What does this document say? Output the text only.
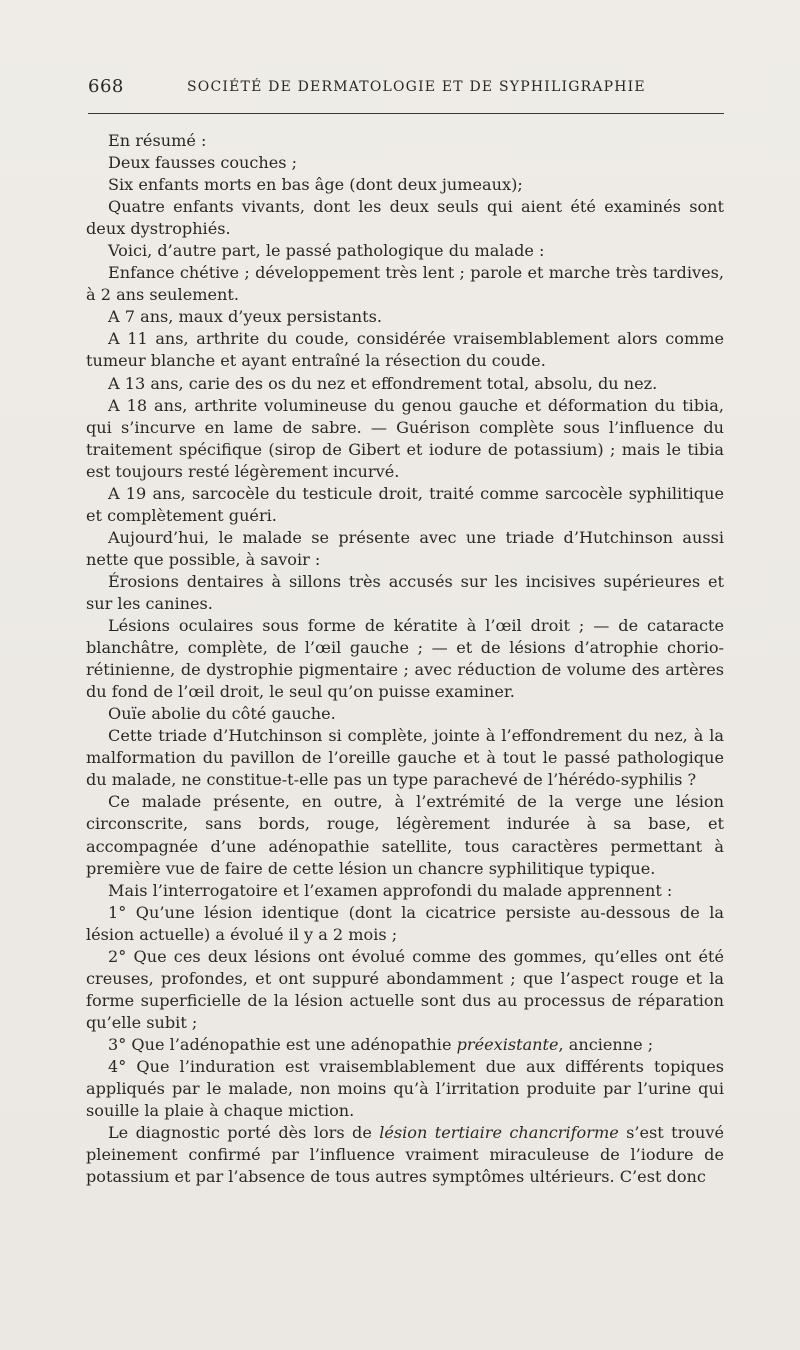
668	SOCIÉTÉ DE DERMATOLOGIE ET DE SYPHILIGRAPHIE

En résumé :

Deux fausses couches ;

Six enfants morts en bas âge (dont deux jumeaux);

Quatre enfants vivants, dont les deux seuls qui aient été examinés sont deux dystrophiés.

Voici, d’autre part, le passé pathologique du malade :

Enfance chétive ; développement très lent ; parole et marche très tardives, à 2 ans seulement.

A 7 ans, maux d’yeux persistants.

A 11 ans, arthrite du coude, considérée vraisemblablement alors comme tumeur blanche et ayant entraîné la résection du coude.

A 13 ans, carie des os du nez et effondrement total, absolu, du nez.

A 18 ans, arthrite volumineuse du genou gauche et déformation du tibia, qui s’incurve en lame de sabre. — Guérison complète sous l’influence du traitement spécifique (sirop de Gibert et iodure de potassium) ; mais le tibia est toujours resté légèrement incurvé.

A 19 ans, sarcocèle du testicule droit, traité comme sarcocèle syphilitique et complètement guéri.

Aujourd’hui, le malade se présente avec une triade d’Hutchinson aussi nette que possible, à savoir :

Érosions dentaires à sillons très accusés sur les incisives supérieures et sur les canines.

Lésions oculaires sous forme de kératite à l’œil droit ; — de cataracte blanchâtre, complète, de l’œil gauche ; — et de lésions d’atrophie chorio-rétinienne, de dystrophie pigmentaire ; avec réduction de volume des artères du fond de l’œil droit, le seul qu’on puisse examiner.

Ouïe abolie du côté gauche.

Cette triade d’Hutchinson si complète, jointe à l’effondrement du nez, à la malformation du pavillon de l’oreille gauche et à tout le passé pathologique du malade, ne constitue-t-elle pas un type parachevé de l’hérédo-syphilis ?

Ce malade présente, en outre, à l’extrémité de la verge une lésion circonscrite, sans bords, rouge, légèrement indurée à sa base, et accompagnée d’une adénopathie satellite, tous caractères permettant à première vue de faire de cette lésion un chancre syphilitique typique.

Mais l’interrogatoire et l’examen approfondi du malade apprennent :

1° Qu’une lésion identique (dont la cicatrice persiste au-dessous de la lésion actuelle) a évolué il y a 2 mois ;

2° Que ces deux lésions ont évolué comme des gommes, qu’elles ont été creuses, profondes, et ont suppuré abondamment ; que l’aspect rouge et la forme superficielle de la lésion actuelle sont dus au processus de réparation qu’elle subit ;

3° Que l’adénopathie est une adénopathie préexistante, ancienne ;

4° Que l’induration est vraisemblablement due aux différents topiques appliqués par le malade, non moins qu’à l’irritation produite par l’urine qui souille la plaie à chaque miction.

Le diagnostic porté dès lors de lésion tertiaire chancriforme s’est trouvé pleinement confirmé par l’influence vraiment miraculeuse de l’iodure de potassium et par l’absence de tous autres symptômes ultérieurs. C’est donc
